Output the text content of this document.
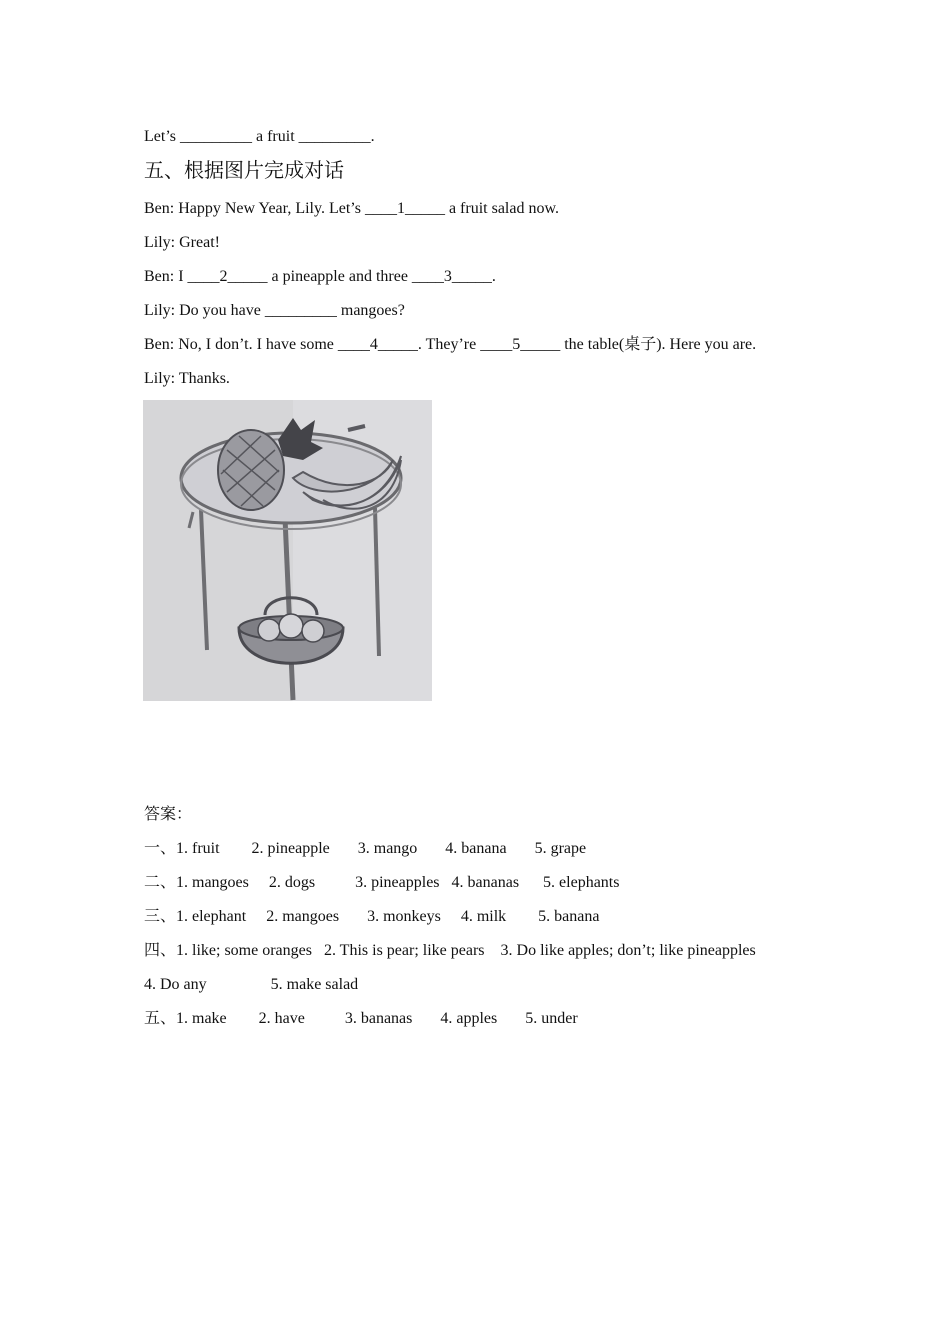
Let’s _________ a fruit _________.
五、根据图片完成对话
Ben: Happy New Year, Lily. Let’s ____1_____ a fruit salad now.
Lily: Great!
Ben: I ____2_____ a pineapple and three ____3_____.
Lily: Do you have _________ mangoes?
Ben: No, I don’t. I have some ____4_____. They’re ____5_____ the table(桌子). Here you are.
Lily: Thanks.
答案：
一、1. fruit        2. pineapple       3. mango       4. banana       5. grape
二、1. mangoes     2. dogs          3. pineapples   4. bananas      5. elephants
三、1. elephant     2. mangoes       3. monkeys     4. milk        5. banana
四、1. like; some oranges   2. This is pear; like pears    3. Do like apples; don’t; like pineapples
4. Do any                5. make salad
五、1. make        2. have          3. bananas       4. apples       5. under
